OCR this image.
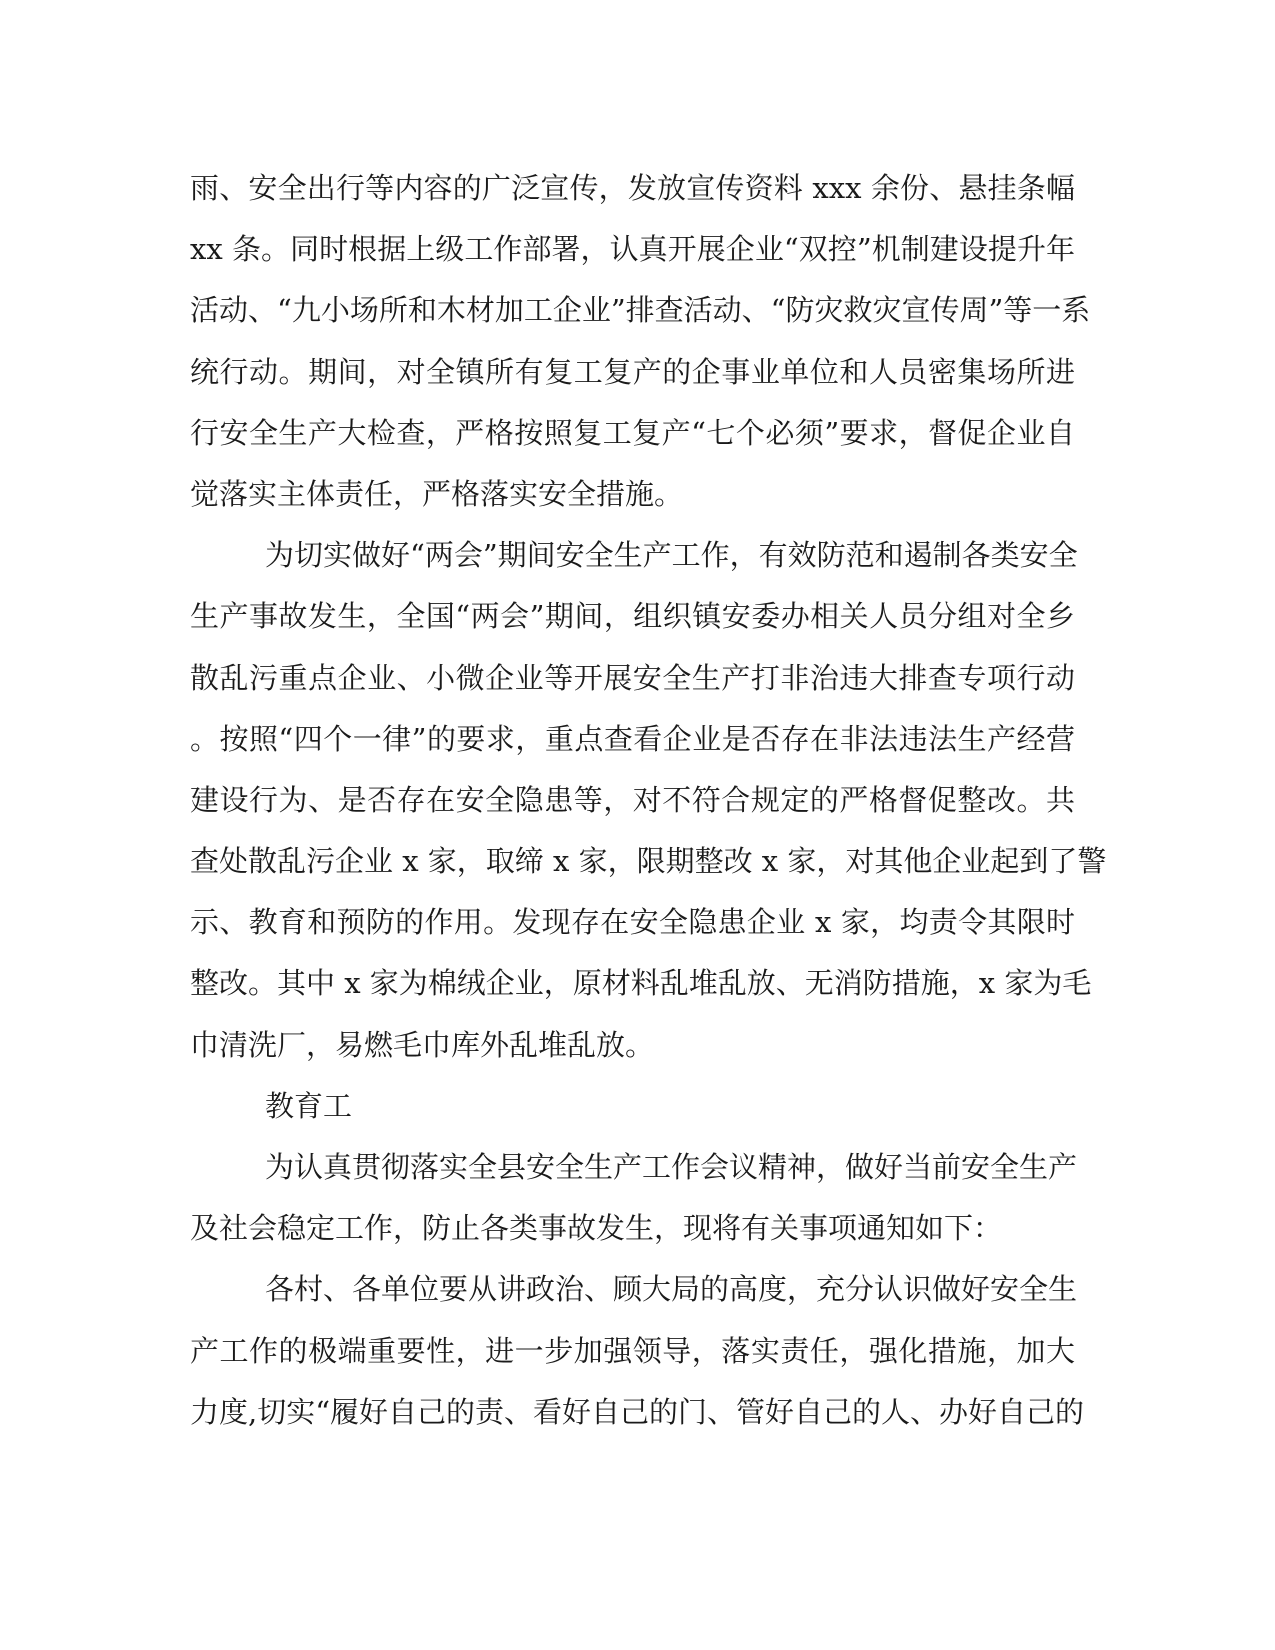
雨、安全出行等内容的广泛宣传，发放宣传资料 xxx 余份、悬挂条幅
xx 条。同时根据上级工作部署，认真开展企业“双控”机制建设提升年
活动、“九小场所和木材加工企业”排查活动、“防灾救灾宣传周”等一系
统行动。期间，对全镇所有复工复产的企事业单位和人员密集场所进
行安全生产大检查，严格按照复工复产“七个必须”要求，督促企业自
觉落实主体责任，严格落实安全措施。
为切实做好“两会”期间安全生产工作，有效防范和遏制各类安全
生产事故发生，全国“两会”期间，组织镇安委办相关人员分组对全乡
散乱污重点企业、小微企业等开展安全生产打非治违大排查专项行动
。按照“四个一律”的要求，重点查看企业是否存在非法违法生产经营
建设行为、是否存在安全隐患等，对不符合规定的严格督促整改。共
查处散乱污企业 x 家，取缔 x 家，限期整改 x 家，对其他企业起到了警
示、教育和预防的作用。发现存在安全隐患企业 x 家，均责令其限时
整改。其中 x 家为棉绒企业，原材料乱堆乱放、无消防措施，x 家为毛
巾清洗厂，易燃毛巾库外乱堆乱放。
教育工
为认真贯彻落实全县安全生产工作会议精神，做好当前安全生产
及社会稳定工作，防止各类事故发生，现将有关事项通知如下：
各村、各单位要从讲政治、顾大局的高度，充分认识做好安全生
产工作的极端重要性，进一步加强领导，落实责任，强化措施，加大
力度,切实“履好自己的责、看好自己的门、管好自己的人、办好自己的
